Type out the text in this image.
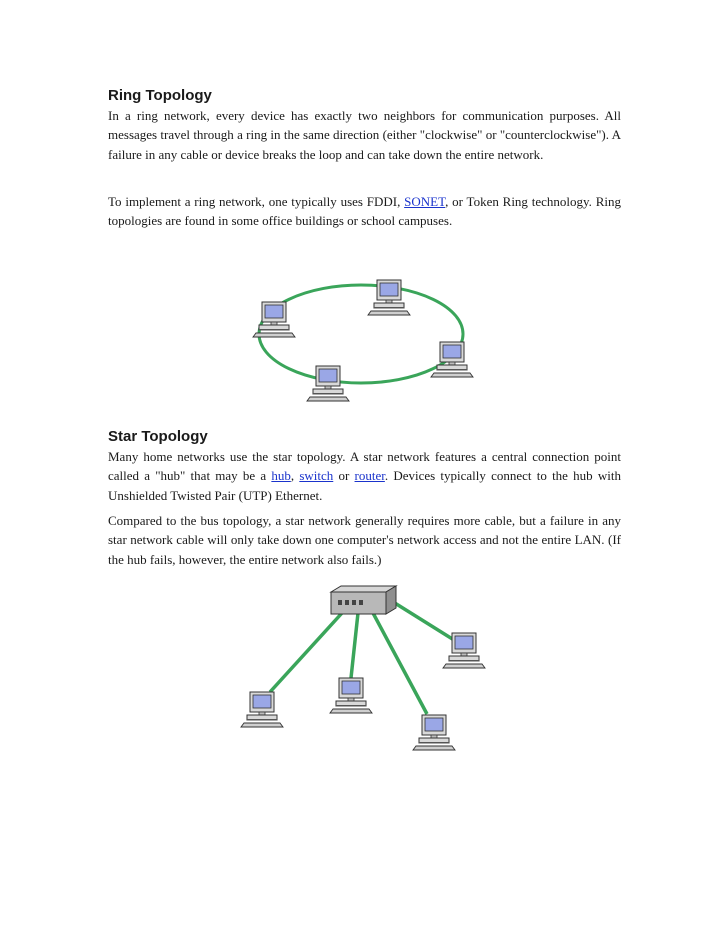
Ring Topology

In a ring network, every device has exactly two neighbors for communication purposes. All messages travel through a ring in the same direction (either "clockwise" or "counterclockwise"). A failure in any cable or device breaks the loop and can take down the entire network.

To implement a ring network, one typically uses FDDI, SONET, or Token Ring technology. Ring topologies are found in some office buildings or school campuses.

Star Topology

Many home networks use the star topology. A star network features a central connection point called a "hub" that may be a hub, switch or router. Devices typically connect to the hub with Unshielded Twisted Pair (UTP) Ethernet.

Compared to the bus topology, a star network generally requires more cable, but a failure in any star network cable will only take down one computer's network access and not the entire LAN. (If the hub fails, however, the entire network also fails.)
